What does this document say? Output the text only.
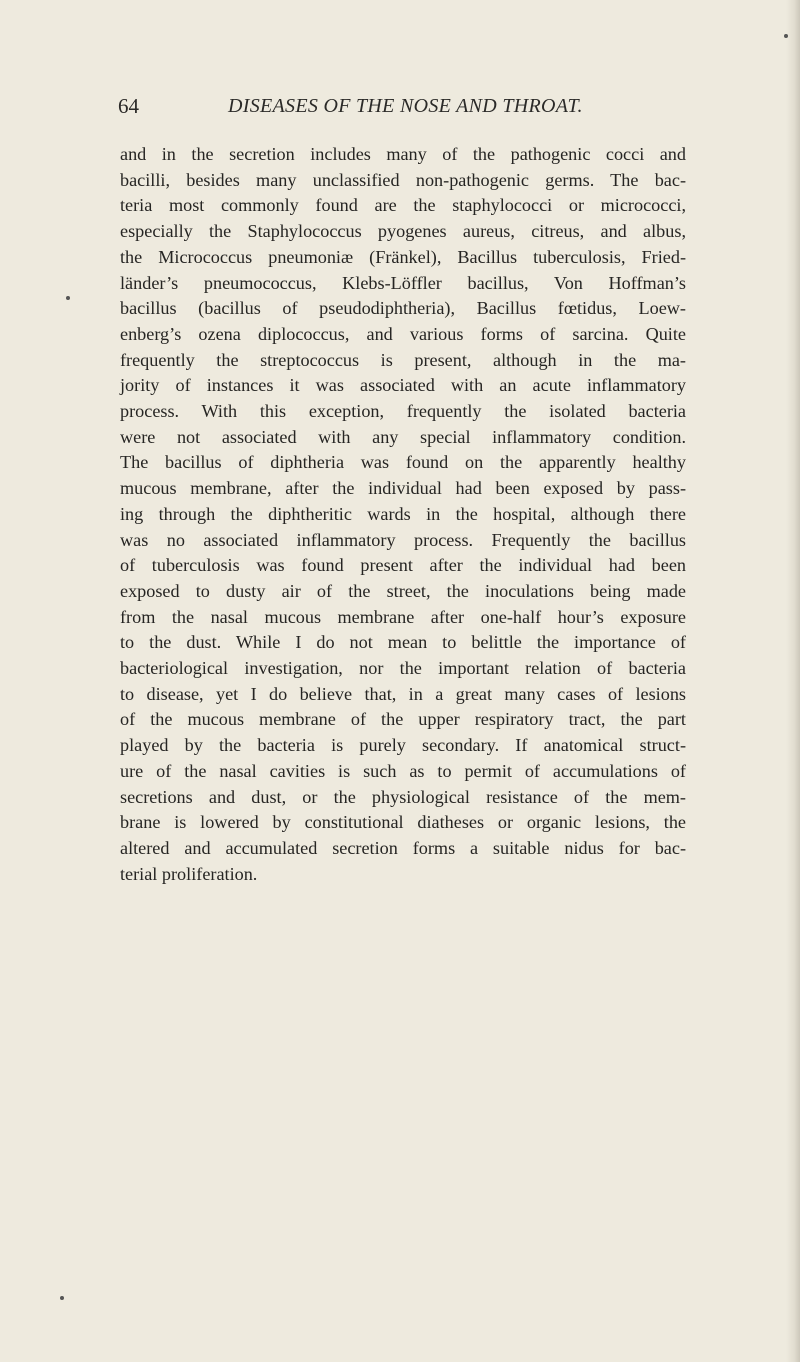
64	DISEASES OF THE NOSE AND THROAT.
and in the secretion includes many of the pathogenic cocci and
bacilli, besides many unclassified non-pathogenic germs. The bac-
teria most commonly found are the staphylococci or micrococci,
especially the Staphylococcus pyogenes aureus, citreus, and albus,
the Micrococcus pneumoniæ (Fränkel), Bacillus tuberculosis, Fried-
länder’s pneumococcus, Klebs-Löffler bacillus, Von Hoffman’s
bacillus (bacillus of pseudodiphtheria), Bacillus fœtidus, Loew-
enberg’s ozena diplococcus, and various forms of sarcina. Quite
frequently the streptococcus is present, although in the ma-
jority of instances it was associated with an acute inflammatory
process. With this exception, frequently the isolated bacteria
were not associated with any special inflammatory condition.
The bacillus of diphtheria was found on the apparently healthy
mucous membrane, after the individual had been exposed by pass-
ing through the diphtheritic wards in the hospital, although there
was no associated inflammatory process. Frequently the bacillus
of tuberculosis was found present after the individual had been
exposed to dusty air of the street, the inoculations being made
from the nasal mucous membrane after one-half hour’s exposure
to the dust. While I do not mean to belittle the importance of
bacteriological investigation, nor the important relation of bacteria
to disease, yet I do believe that, in a great many cases of lesions
of the mucous membrane of the upper respiratory tract, the part
played by the bacteria is purely secondary. If anatomical struct-
ure of the nasal cavities is such as to permit of accumulations of
secretions and dust, or the physiological resistance of the mem-
brane is lowered by constitutional diatheses or organic lesions, the
altered and accumulated secretion forms a suitable nidus for bac-
terial proliferation.
